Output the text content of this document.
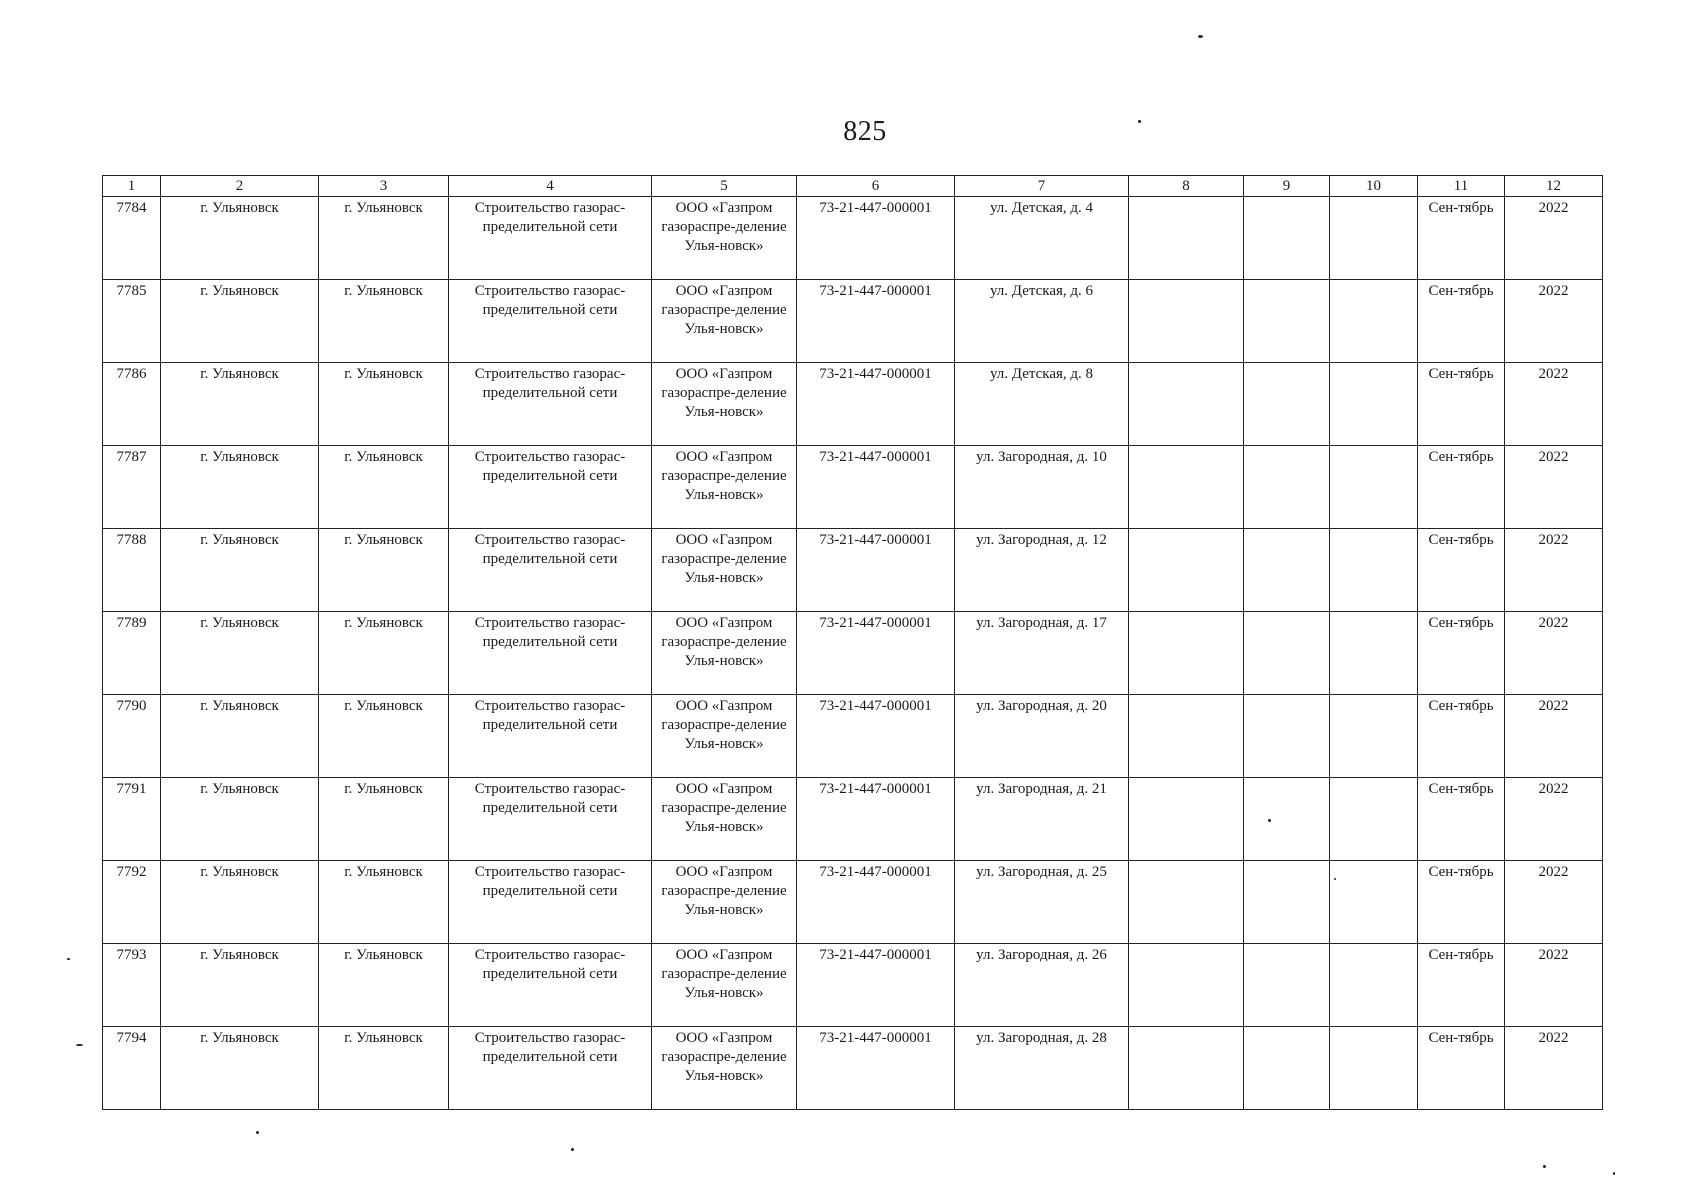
825
1	2	3	4	5	6	7	8	9	10	11	12
7784	г. Ульяновск	г. Ульяновск	Строительство газорас-пределительной сети	ООО «Газпром газораспре-деление Улья-новск»	73-21-447-000001	ул. Детская, д. 4				Сен-тябрь	2022
7785	г. Ульяновск	г. Ульяновск	Строительство газорас-пределительной сети	ООО «Газпром газораспре-деление Улья-новск»	73-21-447-000001	ул. Детская, д. 6				Сен-тябрь	2022
7786	г. Ульяновск	г. Ульяновск	Строительство газорас-пределительной сети	ООО «Газпром газораспре-деление Улья-новск»	73-21-447-000001	ул. Детская, д. 8				Сен-тябрь	2022
7787	г. Ульяновск	г. Ульяновск	Строительство газорас-пределительной сети	ООО «Газпром газораспре-деление Улья-новск»	73-21-447-000001	ул. Загородная, д. 10				Сен-тябрь	2022
7788	г. Ульяновск	г. Ульяновск	Строительство газорас-пределительной сети	ООО «Газпром газораспре-деление Улья-новск»	73-21-447-000001	ул. Загородная, д. 12				Сен-тябрь	2022
7789	г. Ульяновск	г. Ульяновск	Строительство газорас-пределительной сети	ООО «Газпром газораспре-деление Улья-новск»	73-21-447-000001	ул. Загородная, д. 17				Сен-тябрь	2022
7790	г. Ульяновск	г. Ульяновск	Строительство газорас-пределительной сети	ООО «Газпром газораспре-деление Улья-новск»	73-21-447-000001	ул. Загородная, д. 20				Сен-тябрь	2022
7791	г. Ульяновск	г. Ульяновск	Строительство газорас-пределительной сети	ООО «Газпром газораспре-деление Улья-новск»	73-21-447-000001	ул. Загородная, д. 21				Сен-тябрь	2022
7792	г. Ульяновск	г. Ульяновск	Строительство газорас-пределительной сети	ООО «Газпром газораспре-деление Улья-новск»	73-21-447-000001	ул. Загородная, д. 25				Сен-тябрь	2022
7793	г. Ульяновск	г. Ульяновск	Строительство газорас-пределительной сети	ООО «Газпром газораспре-деление Улья-новск»	73-21-447-000001	ул. Загородная, д. 26				Сен-тябрь	2022
7794	г. Ульяновск	г. Ульяновск	Строительство газорас-пределительной сети	ООО «Газпром газораспре-деление Улья-новск»	73-21-447-000001	ул. Загородная, д. 28				Сен-тябрь	2022
